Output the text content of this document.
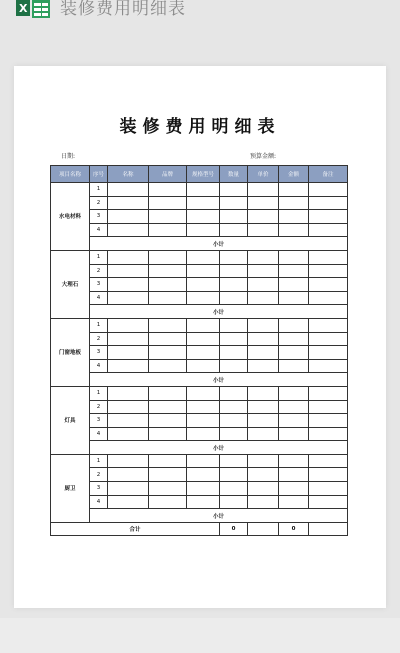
X 装修费用明细表
装修费用明细表
日期:	预算金额:
项目名称	序号	名称	品牌	规格型号	数量	单价	金额	备注
水电材料	1							
	2							
	3							
	4							
	小计							
大理石	1							
	2							
	3							
	4							
	小计							
门窗地板	1							
	2							
	3							
	4							
	小计							
灯具	1							
	2							
	3							
	4							
	小计							
厨卫	1							
	2							
	3							
	4							
	小计							
合计					0		0	
